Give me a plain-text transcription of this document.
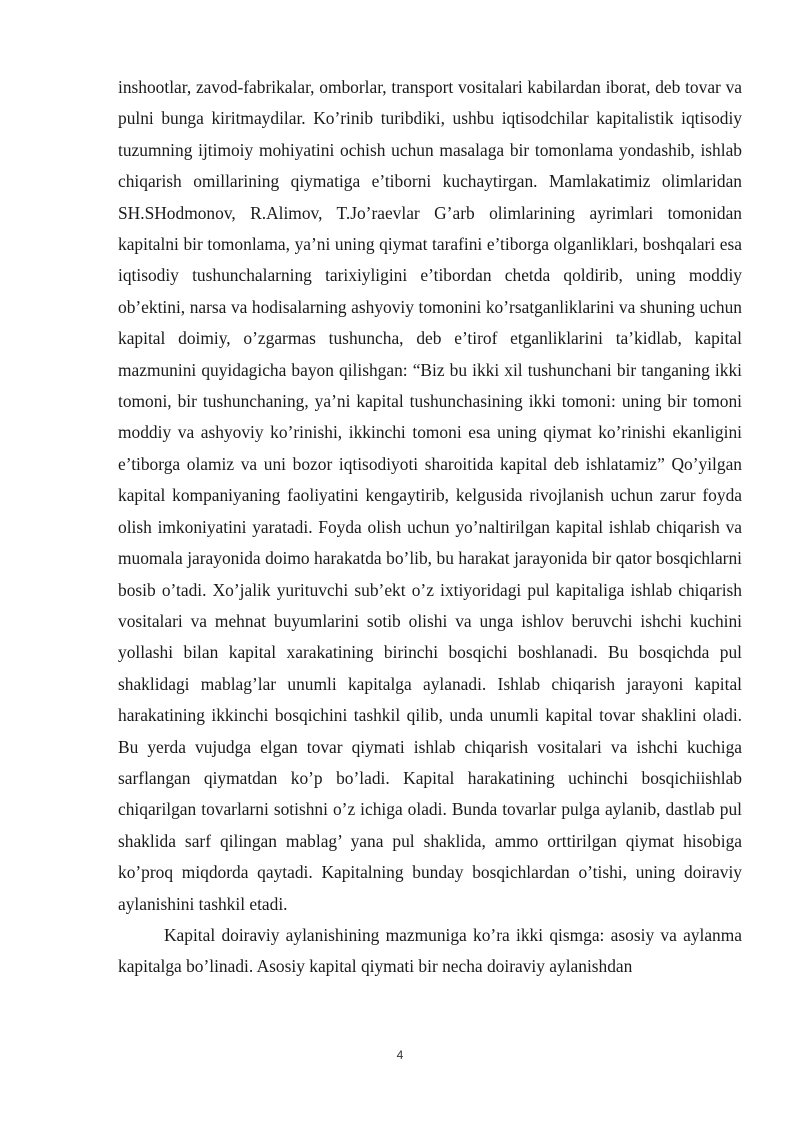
inshootlar, zavod-fabrikalar, omborlar, transport vositalari kabilardan iborat, deb tovar va pulni bunga kiritmaydilar. Ko’rinib turibdiki, ushbu iqtisodchilar kapitalistik iqtisodiy tuzumning ijtimoiy mohiyatini ochish uchun masalaga bir tomonlama yondashib, ishlab chiqarish omillarining qiymatiga e’tiborni kuchaytirgan. Mamlakatimiz olimlaridan SH.SHodmonov, R.Alimov, T.Jo’raevlar G’arb olimlarining ayrimlari tomonidan kapitalni bir tomonlama, ya’ni uning qiymat tarafini e’tiborga olganliklari, boshqalari esa iqtisodiy tushunchalarning tarixiyligini e’tibordan chetda qoldirib, uning moddiy ob’ektini, narsa va hodisalarning ashyoviy tomonini ko’rsatganliklarini va shuning uchun kapital doimiy, o’zgarmas tushuncha, deb e’tirof etganliklarini ta’kidlab, kapital mazmunini quyidagicha bayon qilishgan: “Biz bu ikki xil tushunchani bir tanganing ikki tomoni, bir tushunchaning, ya’ni kapital tushunchasining ikki tomoni: uning bir tomoni moddiy va ashyoviy ko’rinishi, ikkinchi tomoni esa uning qiymat ko’rinishi ekanligini e’tiborga olamiz va uni bozor iqtisodiyoti sharoitida kapital deb ishlatamiz” Qo’yilgan kapital kompaniyaning faoliyatini kengaytirib, kelgusida rivojlanish uchun zarur foyda olish imkoniyatini yaratadi. Foyda olish uchun yo’naltirilgan kapital ishlab chiqarish va muomala jarayonida doimo harakatda bo’lib, bu harakat jarayonida bir qator bosqichlarni bosib o’tadi. Xo’jalik yurituvchi sub’ekt o’z ixtiyoridagi pul kapitaliga ishlab chiqarish vositalari va mehnat buyumlarini sotib olishi va unga ishlov beruvchi ishchi kuchini yollashi bilan kapital xarakatining birinchi bosqichi boshlanadi. Bu bosqichda pul shaklidagi mablag’lar unumli kapitalga aylanadi. Ishlab chiqarish jarayoni kapital harakatining ikkinchi bosqichini tashkil qilib, unda unumli kapital tovar shaklini oladi. Bu yerda vujudga elgan tovar qiymati ishlab chiqarish vositalari va ishchi kuchiga sarflangan qiymatdan ko’p bo’ladi. Kapital harakatining uchinchi bosqichiishlab chiqarilgan tovarlarni sotishni o’z ichiga oladi. Bunda tovarlar pulga aylanib, dastlab pul shaklida sarf qilingan mablag’ yana pul shaklida, ammo orttirilgan qiymat hisobiga ko’proq miqdorda qaytadi. Kapitalning bunday bosqichlardan o’tishi, uning doiraviy aylanishini tashkil etadi.

Kapital doiraviy aylanishining mazmuniga ko’ra ikki qismga: asosiy va aylanma kapitalga bo’linadi. Asosiy kapital qiymati bir necha doiraviy aylanishdan

4
